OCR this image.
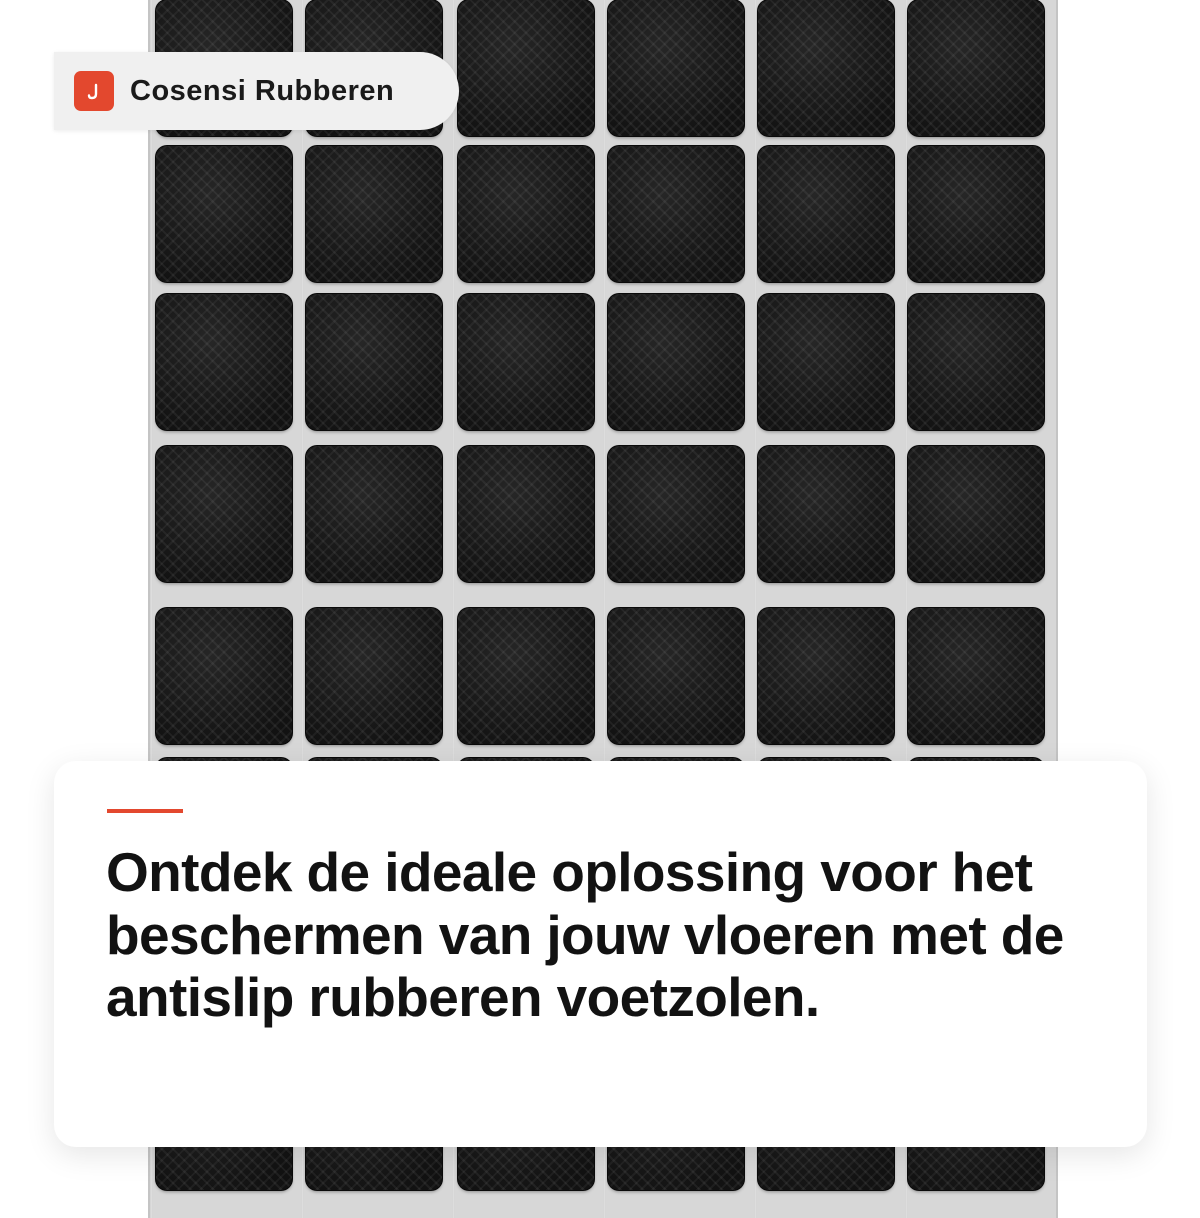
Cosensi Rubberen

Ontdek de ideale oplossing voor het beschermen van jouw vloeren met de antislip rubberen voetzolen.
